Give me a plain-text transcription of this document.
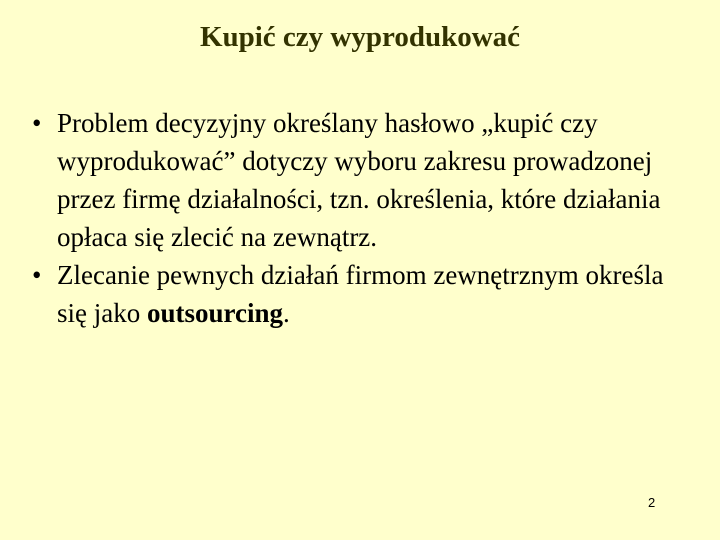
Kupić czy wyprodukować
• Problem decyzyjny określany hasłowo „kupić czy wyprodukować” dotyczy wyboru zakresu prowadzonej przez firmę działalności, tzn. określenia, które działania opłaca się zlecić na zewnątrz.
• Zlecanie pewnych działań firmom zewnętrznym określa się jako outsourcing.
2
